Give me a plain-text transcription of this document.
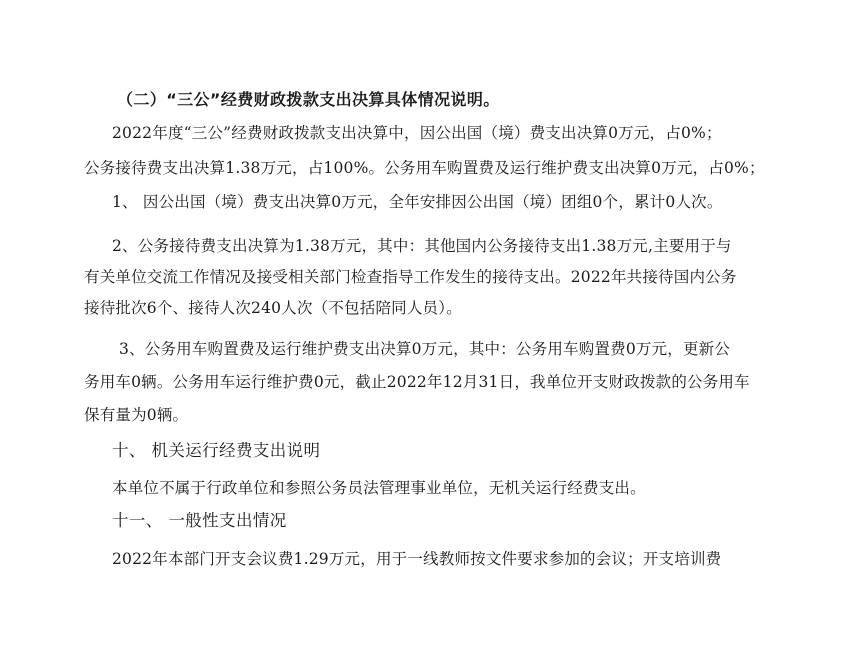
（二）“三公”经费财政拨款支出决算具体情况说明。
2022年度“三公”经费财政拨款支出决算中，因公出国（境）费支出决算0万元，占0%；
公务接待费支出决算1.38万元，占100%。公务用车购置费及运行维护费支出决算0万元，占0%；
1、 因公出国（境）费支出决算0万元，全年安排因公出国（境）团组0个，累计0人次。
2、公务接待费支出决算为1.38万元，其中：其他国内公务接待支出1.38万元,主要用于与
有关单位交流工作情况及接受相关部门检查指导工作发生的接待支出。2022年共接待国内公务
接待批次6个、接待人次240人次（不包括陪同人员）。
3、公务用车购置费及运行维护费支出决算0万元，其中：公务用车购置费0万元，更新公
务用车0辆。公务用车运行维护费0元，截止2022年12月31日，我单位开支财政拨款的公务用车
保有量为0辆。
十、 机关运行经费支出说明
本单位不属于行政单位和参照公务员法管理事业单位，无机关运行经费支出。
十一、 一般性支出情况
2022年本部门开支会议费1.29万元，用于一线教师按文件要求参加的会议；开支培训费
